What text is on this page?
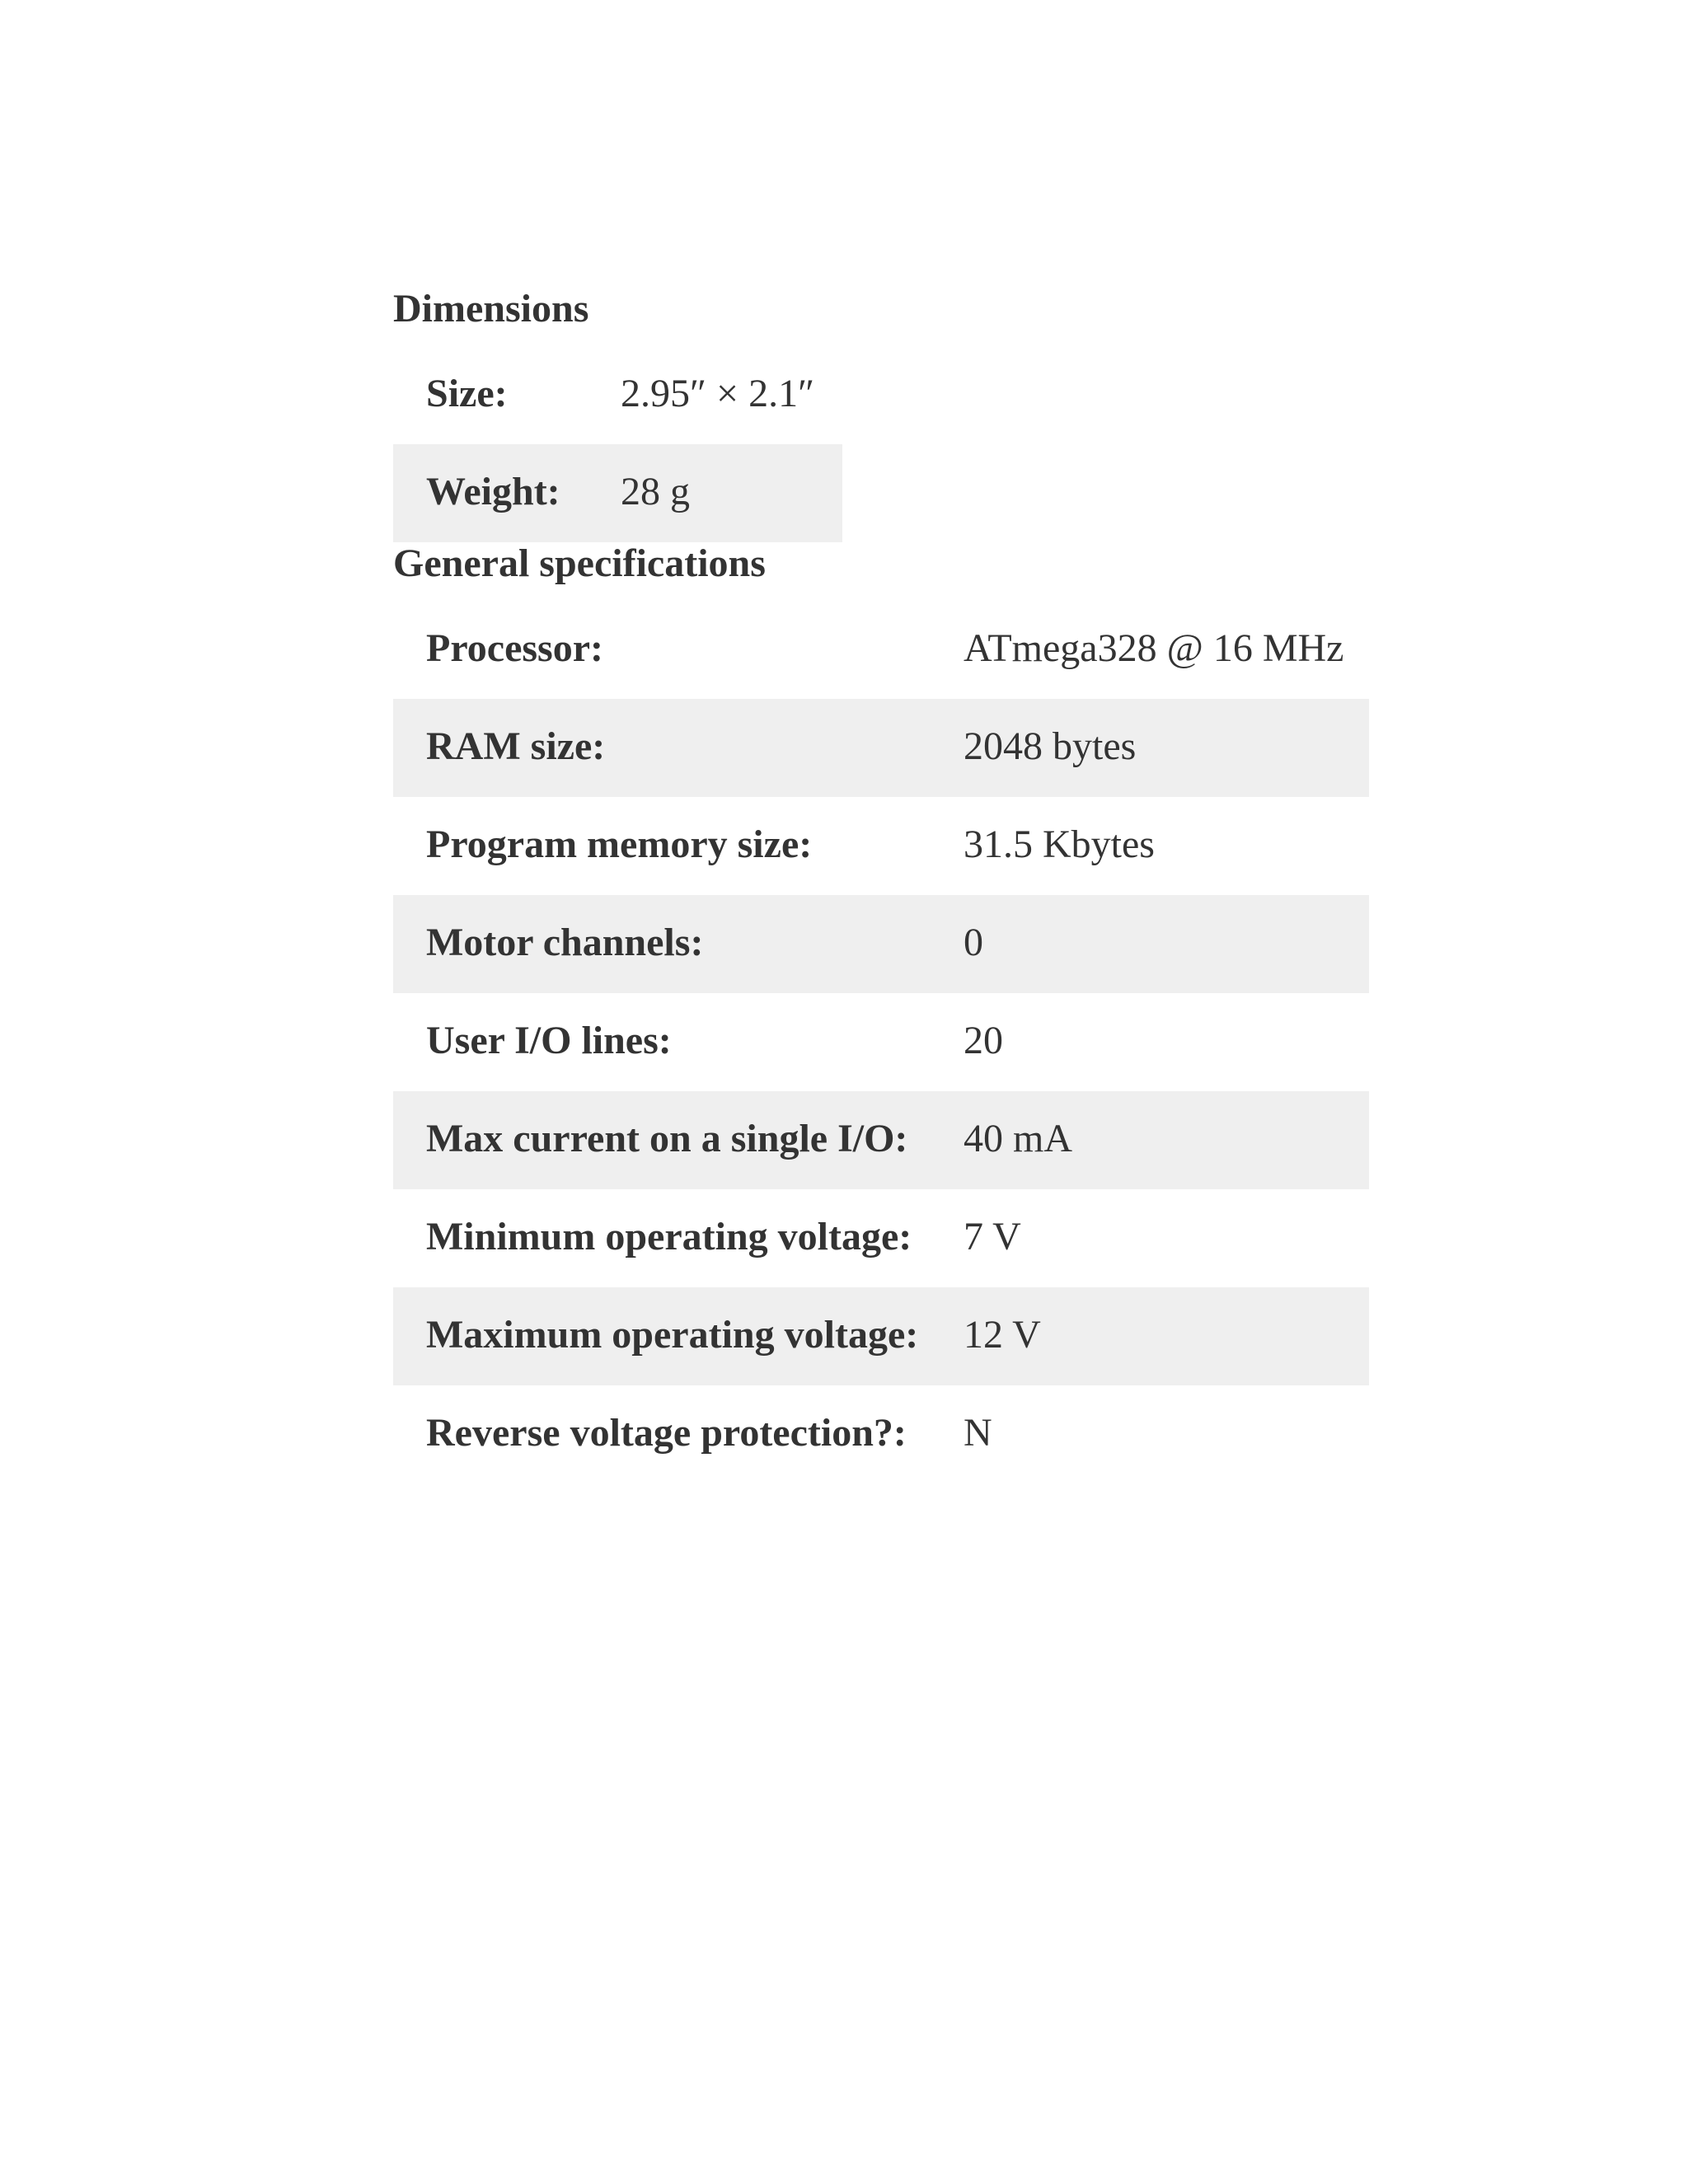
Dimensions
Size:	2.95″ × 2.1″
Weight: 28 g
General specifications
Processor:	ATmega328 @ 16 MHz
RAM size:	2048 bytes
Program memory size:	31.5 Kbytes
Motor channels:	0
User I/O lines:	20
Max current on a single I/O: 40 mA
Minimum operating voltage: 7 V
Maximum operating voltage: 12 V
Reverse voltage protection?: N
